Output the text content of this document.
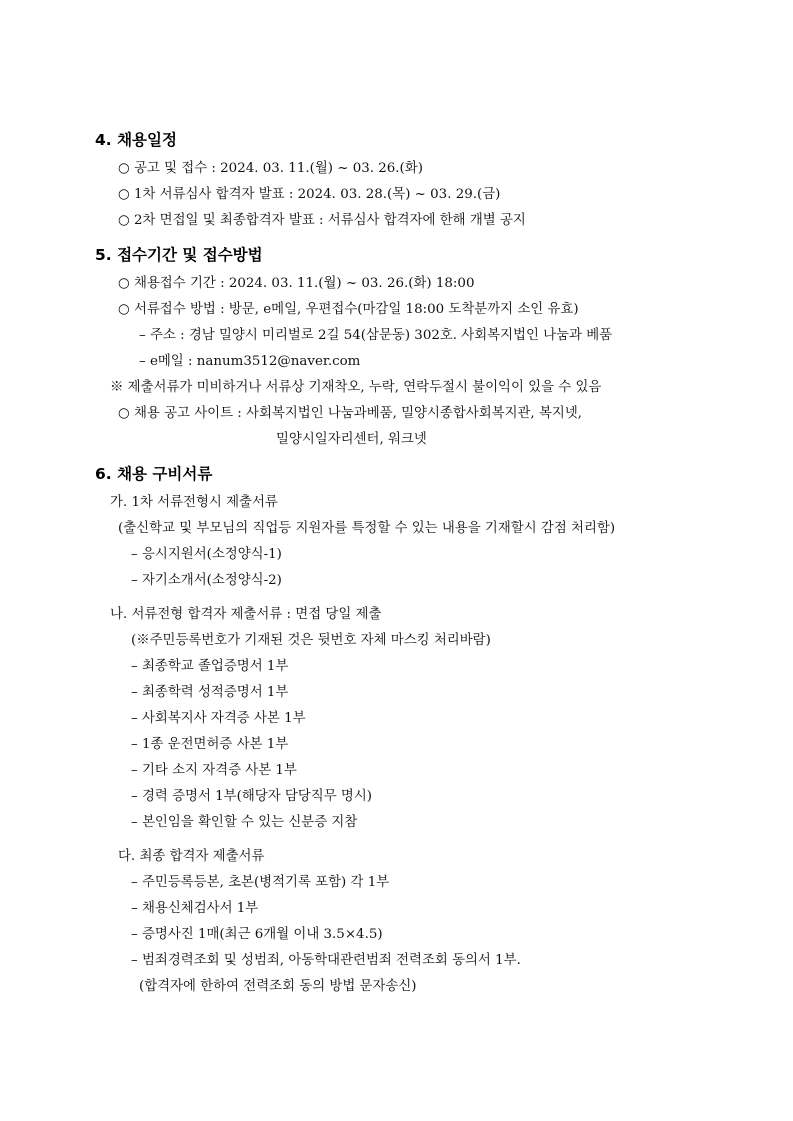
4. 채용일정
○ 공고 및 접수 : 2024. 03. 11.(월) ~ 03. 26.(화)
○ 1차 서류심사 합격자 발표 : 2024. 03. 28.(목) ~ 03. 29.(금)
○ 2차 면접일 및 최종합격자 발표 : 서류심사 합격자에 한해 개별 공지
5. 접수기간 및 접수방법
○ 채용접수 기간 : 2024. 03. 11.(월) ~ 03. 26.(화) 18:00
○ 서류접수 방법 : 방문, e메일, 우편접수(마감일 18:00 도착분까지 소인 유효)
– 주소 : 경남 밀양시 미리벌로 2길 54(삼문동) 302호. 사회복지법인 나눔과 베품
– e메일 : nanum3512@naver.com
※ 제출서류가 미비하거나 서류상 기재착오, 누락, 연락두절시 불이익이 있을 수 있음
○ 채용 공고 사이트 : 사회복지법인 나눔과베품, 밀양시종합사회복지관, 복지넷,
밀양시일자리센터, 워크넷
6. 채용 구비서류
가. 1차 서류전형시 제출서류
(출신학교 및 부모님의 직업등 지원자를 특정할 수 있는 내용을 기재할시 감점 처리함)
– 응시지원서(소정양식-1)
– 자기소개서(소정양식-2)
나. 서류전형 합격자 제출서류 : 면접 당일 제출
(※주민등록번호가 기재된 것은 뒷번호 자체 마스킹 처리바람)
– 최종학교 졸업증명서 1부
– 최종학력 성적증명서 1부
– 사회복지사 자격증 사본 1부
– 1종 운전면허증 사본 1부
– 기타 소지 자격증 사본 1부
– 경력 증명서 1부(해당자 담당직무 명시)
– 본인임을 확인할 수 있는 신분증 지참
다. 최종 합격자 제출서류
– 주민등록등본, 초본(병적기록 포함) 각 1부
– 채용신체검사서 1부
– 증명사진 1매(최근 6개월 이내 3.5×4.5)
– 범죄경력조회 및 성범죄, 아동학대관련범죄 전력조회 동의서 1부.
(합격자에 한하여 전력조회 동의 방법 문자송신)
